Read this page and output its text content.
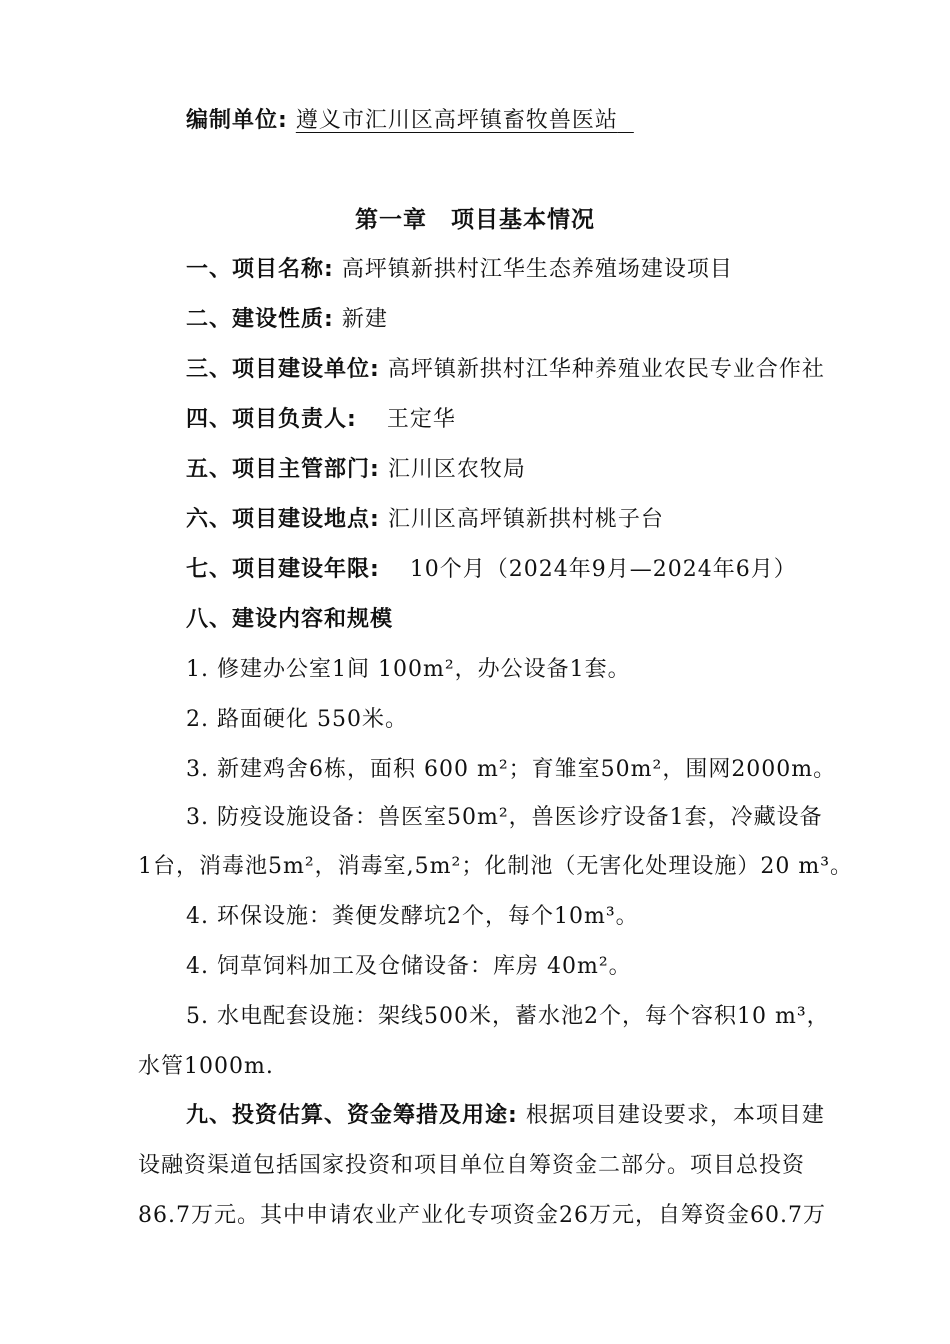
编制单位: 遵义市汇川区高坪镇畜牧兽医站
第一章　项目基本情况
一、项目名称: 高坪镇新拱村江华生态养殖场建设项目
二、建设性质: 新建
三、项目建设单位: 高坪镇新拱村江华种养殖业农民专业合作社
四、项目负责人: 王定华
五、项目主管部门: 汇川区农牧局
六、项目建设地点: 汇川区高坪镇新拱村桃子台
七、项目建设年限: 10个月（2024年9月—2024年6月）
八、建设内容和规模
1. 修建办公室1间 100m²，办公设备1套。
2. 路面硬化 550米。
3. 新建鸡舍6栋，面积 600 m²；育雏室50m²，围网2000m。
3. 防疫设施设备：兽医室50m²，兽医诊疗设备1套，冷藏设备
1台，消毒池5m²，消毒室,5m²；化制池（无害化处理设施）20 m³。
4. 环保设施：粪便发酵坑2个，每个10m³。
4. 饲草饲料加工及仓储设备：库房 40m²。
5. 水电配套设施：架线500米，蓄水池2个，每个容积10 m³，
水管1000m.
九、投资估算、资金筹措及用途: 根据项目建设要求，本项目建
设融资渠道包括国家投资和项目单位自筹资金二部分。项目总投资
86.7万元。其中申请农业产业化专项资金26万元，自筹资金60.7万
